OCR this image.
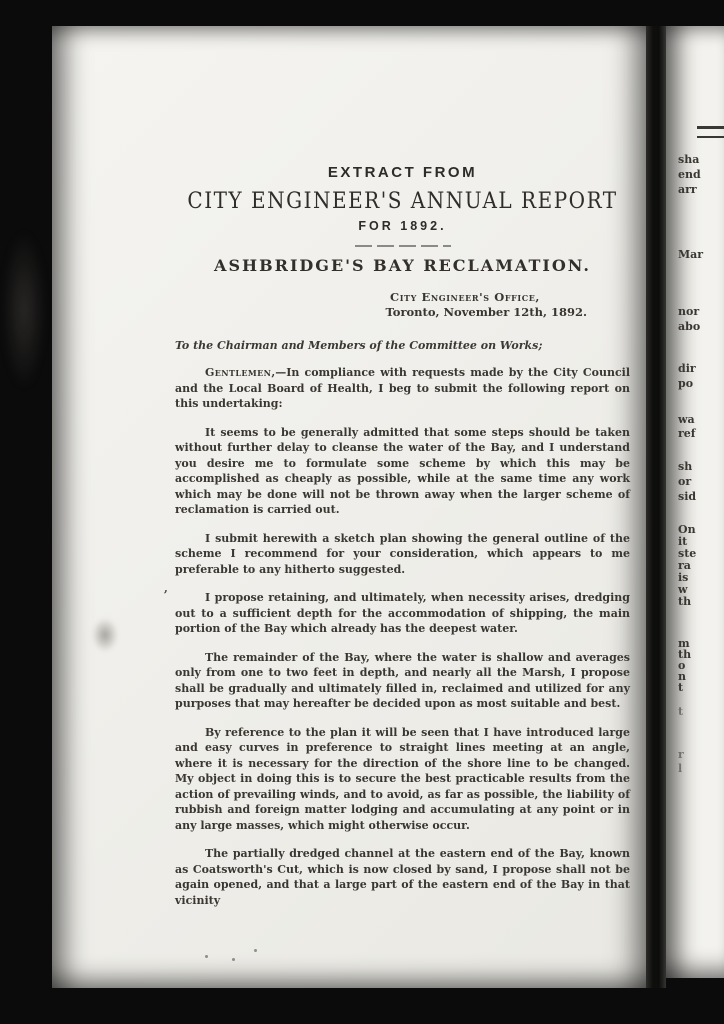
EXTRACT FROM
CITY ENGINEER'S ANNUAL REPORT
FOR 1892.
ASHBRIDGE'S BAY RECLAMATION.
City Engineer's Office,
Toronto, November 12th, 1892.
To the Chairman and Members of the Committee on Works;

Gentlemen,—In compliance with requests made by the City Council and the Local Board of Health, I beg to submit the following report on this undertaking:

It seems to be generally admitted that some steps should be taken without further delay to cleanse the water of the Bay, and I understand you desire me to formulate some scheme by which this may be accomplished as cheaply as possible, while at the same time any work which may be done will not be thrown away when the larger scheme of reclamation is carried out.

I submit herewith a sketch plan showing the general outline of the scheme I recommend for your consideration, which appears to me preferable to any hitherto suggested.

I propose retaining, and ultimately, when necessity arises, dredging out to a sufficient depth for the accommodation of shipping, the main portion of the Bay which already has the deepest water.

The remainder of the Bay, where the water is shallow and averages only from one to two feet in depth, and nearly all the Marsh, I propose shall be gradually and ultimately filled in, reclaimed and utilized for any purposes that may hereafter be decided upon as most suitable and best.

By reference to the plan it will be seen that I have introduced large and easy curves in preference to straight lines meeting at an angle, where it is necessary for the direction of the shore line to be changed. My object in doing this is to secure the best practicable results from the action of prevailing winds, and to avoid, as far as possible, the liability of rubbish and foreign matter lodging and accumulating at any point or in any large masses, which might otherwise occur.

The partially dredged channel at the eastern end of the Bay, known as Coatsworth's Cut, which is now closed by sand, I propose shall not be again opened, and that a large part of the eastern end of the Bay in that vicinity

,
sha
end
arr
Mar
nor
abo
dir
po
wa
ref
sh
or
sid
On
it
ste
ra
is
w
th
m
th
o
n
t
t
r
l
